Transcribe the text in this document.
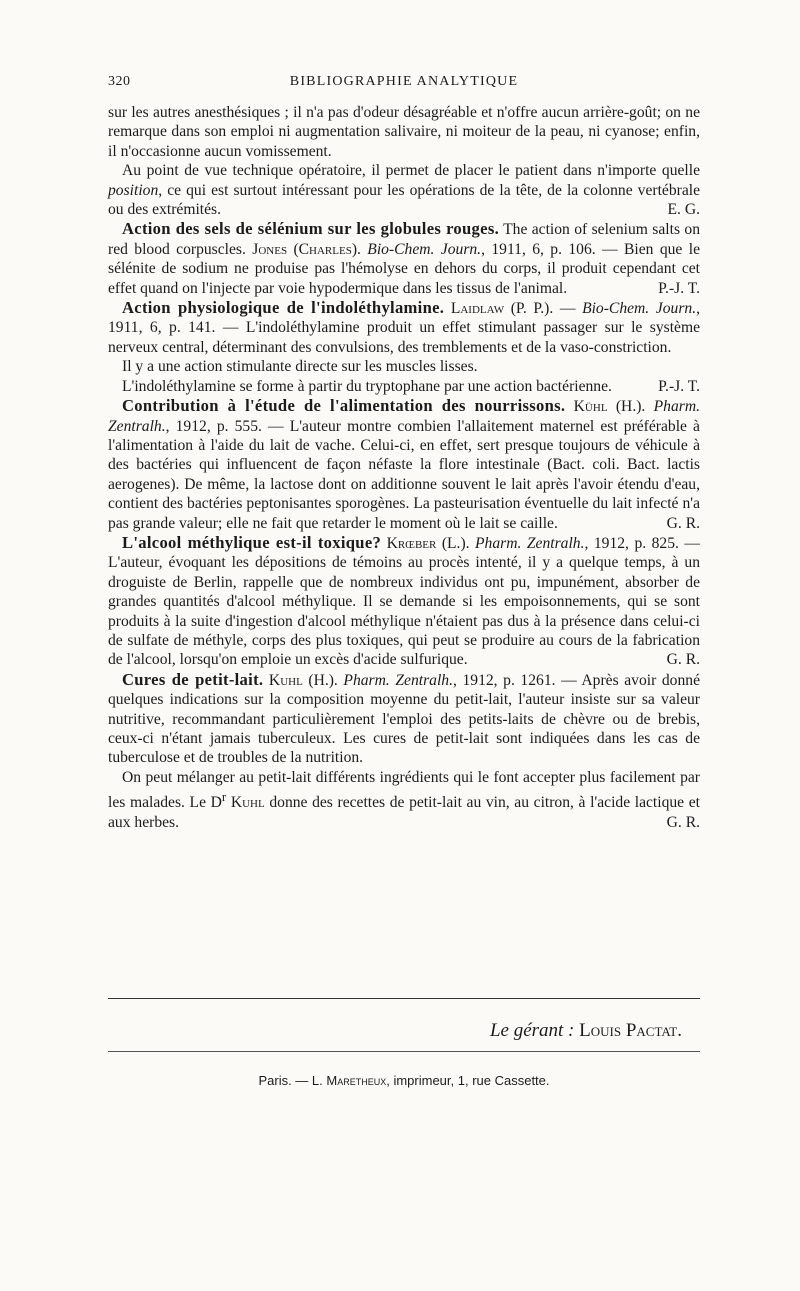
320	BIBLIOGRAPHIE ANALYTIQUE

sur les autres anesthésiques ; il n'a pas d'odeur désagréable et n'offre aucun arrière-goût; on ne remarque dans son emploi ni augmentation salivaire, ni moiteur de la peau, ni cyanose; enfin, il n'occasionne aucun vomissement.

Au point de vue technique opératoire, il permet de placer le patient dans n'importe quelle position, ce qui est surtout intéressant pour les opérations de la tête, de la colonne vertébrale ou des extrémités.	E. G.

Action des sels de sélénium sur les globules rouges. The action of selenium salts on red blood corpuscles. Jones (Charles). Bio-Chem. Journ., 1911, 6, p. 106. — Bien que le sélénite de sodium ne produise pas l'hémolyse en dehors du corps, il produit cependant cet effet quand on l'injecte par voie hypodermique dans les tissus de l'animal.	P.-J. T.

Action physiologique de l'indoléthylamine. Laidlaw (P. P.). — Bio-Chem. Journ., 1911, 6, p. 141. — L'indoléthylamine produit un effet stimulant passager sur le système nerveux central, déterminant des convulsions, des tremblements et de la vaso-constriction.

Il y a une action stimulante directe sur les muscles lisses.

L'indoléthylamine se forme à partir du tryptophane par une action bactérienne.	P.-J. T.

Contribution à l'étude de l'alimentation des nourrissons. Kühl (H.). Pharm. Zentralh., 1912, p. 555. — L'auteur montre combien l'allaitement maternel est préférable à l'alimentation à l'aide du lait de vache. Celui-ci, en effet, sert presque toujours de véhicule à des bactéries qui influencent de façon néfaste la flore intestinale (Bact. coli. Bact. lactis aerogenes). De même, la lactose dont on additionne souvent le lait après l'avoir étendu d'eau, contient des bactéries peptonisantes sporogènes. La pasteurisation éventuelle du lait infecté n'a pas grande valeur; elle ne fait que retarder le moment où le lait se caille.	G. R.

L'alcool méthylique est-il toxique? Krœber (L.). Pharm. Zentralh., 1912, p. 825. — L'auteur, évoquant les dépositions de témoins au procès intenté, il y a quelque temps, à un droguiste de Berlin, rappelle que de nombreux individus ont pu, impunément, absorber de grandes quantités d'alcool méthylique. Il se demande si les empoisonnements, qui se sont produits à la suite d'ingestion d'alcool méthylique n'étaient pas dus à la présence dans celui-ci de sulfate de méthyle, corps des plus toxiques, qui peut se produire au cours de la fabrication de l'alcool, lorsqu'on emploie un excès d'acide sulfurique.	G. R.

Cures de petit-lait. Kuhl (H.). Pharm. Zentralh., 1912, p. 1261. — Après avoir donné quelques indications sur la composition moyenne du petit-lait, l'auteur insiste sur sa valeur nutritive, recommandant particulièrement l'emploi des petits-laits de chèvre ou de brebis, ceux-ci n'étant jamais tuberculeux. Les cures de petit-lait sont indiquées dans les cas de tuberculose et de troubles de la nutrition.

On peut mélanger au petit-lait différents ingrédients qui le font accepter plus facilement par les malades. Le $D^r$ Kuhl donne des recettes de petit-lait au vin, au citron, à l'acide lactique et aux herbes.	G. R.

Le gérant : Louis Pactat.
Paris. — L. Maretheux, imprimeur, 1, rue Cassette.
